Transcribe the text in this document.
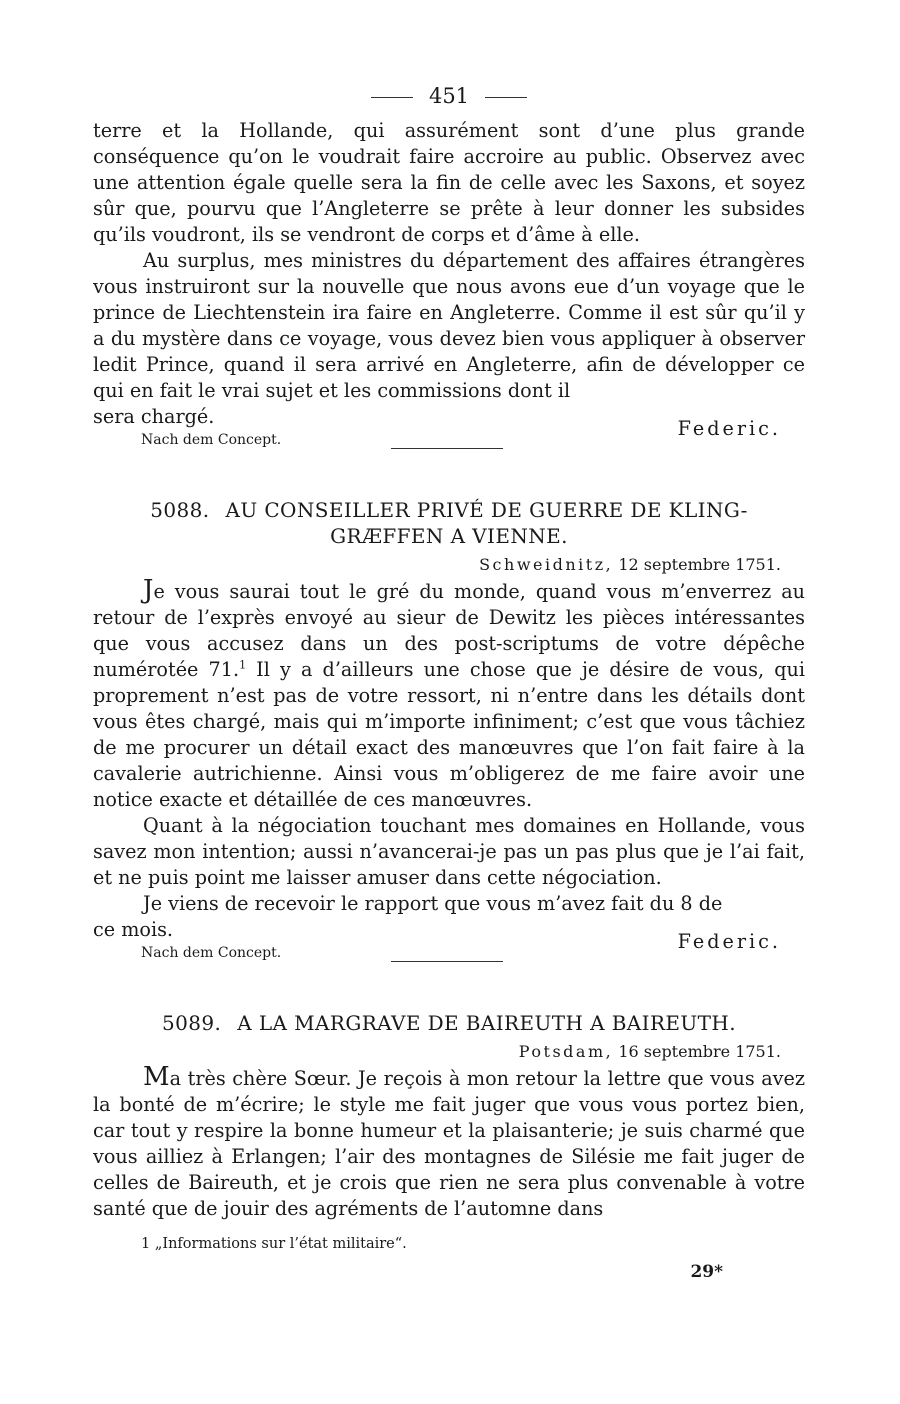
451

terre et la Hollande, qui assurément sont d’une plus grande conséquence qu’on le voudrait faire accroire au public. Observez avec une attention égale quelle sera la fin de celle avec les Saxons, et soyez sûr que, pourvu que l’Angleterre se prête à leur donner les subsides qu’ils voudront, ils se vendront de corps et d’âme à elle.

Au surplus, mes ministres du département des affaires étrangères vous instruiront sur la nouvelle que nous avons eue d’un voyage que le prince de Liechtenstein ira faire en Angleterre. Comme il est sûr qu’il y a du mystère dans ce voyage, vous devez bien vous appliquer à observer ledit Prince, quand il sera arrivé en Angleterre, afin de développer ce qui en fait le vrai sujet et les commissions dont il

sera chargé.
Federic.
Nach dem Concept.
5088. AU CONSEILLER PRIVÉ DE GUERRE DE KLING- GRÆFFEN A VIENNE.
Schweidnitz, 12 septembre 1751.

Je vous saurai tout le gré du monde, quand vous m’enverrez au retour de l’exprès envoyé au sieur de Dewitz les pièces intéressantes que vous accusez dans un des post-scriptums de votre dépêche numérotée 71.$^1$ Il y a d’ailleurs une chose que je désire de vous, qui proprement n’est pas de votre ressort, ni n’entre dans les détails dont vous êtes chargé, mais qui m’importe infiniment; c’est que vous tâchiez de me procurer un détail exact des manœuvres que l’on fait faire à la cavalerie autrichienne. Ainsi vous m’obligerez de me faire avoir une notice exacte et détaillée de ces manœuvres.

Quant à la négociation touchant mes domaines en Hollande, vous savez mon intention; aussi n’avancerai-je pas un pas plus que je l’ai fait, et ne puis point me laisser amuser dans cette négociation.

Je viens de recevoir le rapport que vous m’avez fait du 8 de

ce mois.
Federic.
Nach dem Concept.
5089. A LA MARGRAVE DE BAIREUTH A BAIREUTH.
Potsdam, 16 septembre 1751.

Ma très chère Sœur. Je reçois à mon retour la lettre que vous avez la bonté de m’écrire; le style me fait juger que vous vous portez bien, car tout y respire la bonne humeur et la plaisanterie; je suis charmé que vous ailliez à Erlangen; l’air des montagnes de Silésie me fait juger de celles de Baireuth, et je crois que rien ne sera plus convenable à votre santé que de jouir des agréments de l’automne dans

1 „Informations sur l’état militaire“.
29*
